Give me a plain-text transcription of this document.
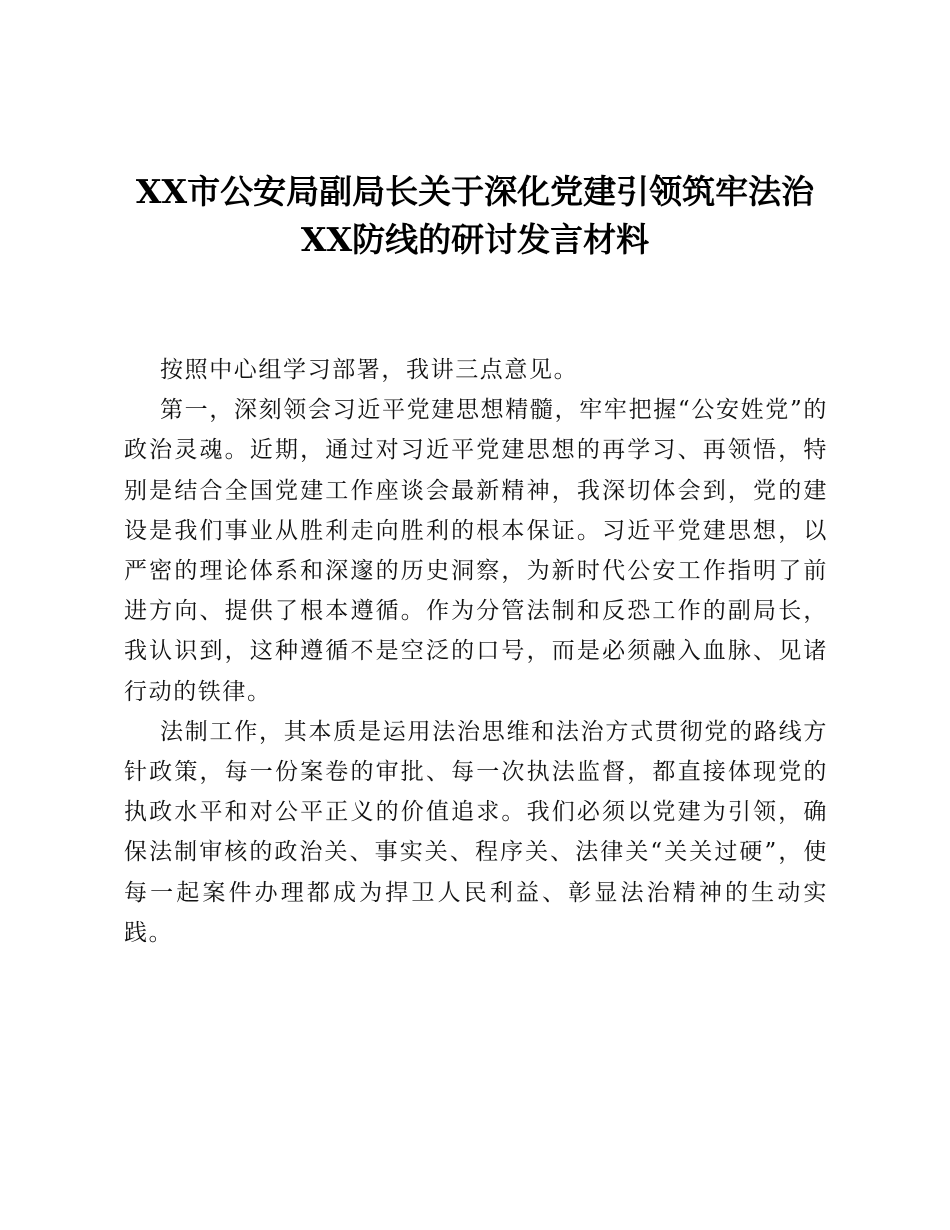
XX市公安局副局长关于深化党建引领筑牢法治
XX防线的研讨发言材料

按照中心组学习部署，我讲三点意见。

第一，深刻领会习近平党建思想精髓，牢牢把握“公安姓党”的政治灵魂。近期，通过对习近平党建思想的再学习、再领悟，特别是结合全国党建工作座谈会最新精神，我深切体会到，党的建设是我们事业从胜利走向胜利的根本保证。习近平党建思想，以严密的理论体系和深邃的历史洞察，为新时代公安工作指明了前进方向、提供了根本遵循。作为分管法制和反恐工作的副局长，我认识到，这种遵循不是空泛的口号，而是必须融入血脉、见诸行动的铁律。

法制工作，其本质是运用法治思维和法治方式贯彻党的路线方针政策，每一份案卷的审批、每一次执法监督，都直接体现党的执政水平和对公平正义的价值追求。我们必须以党建为引领，确保法制审核的政治关、事实关、程序关、法律关“关关过硬”，使每一起案件办理都成为捍卫人民利益、彰显法治精神的生动实践。
